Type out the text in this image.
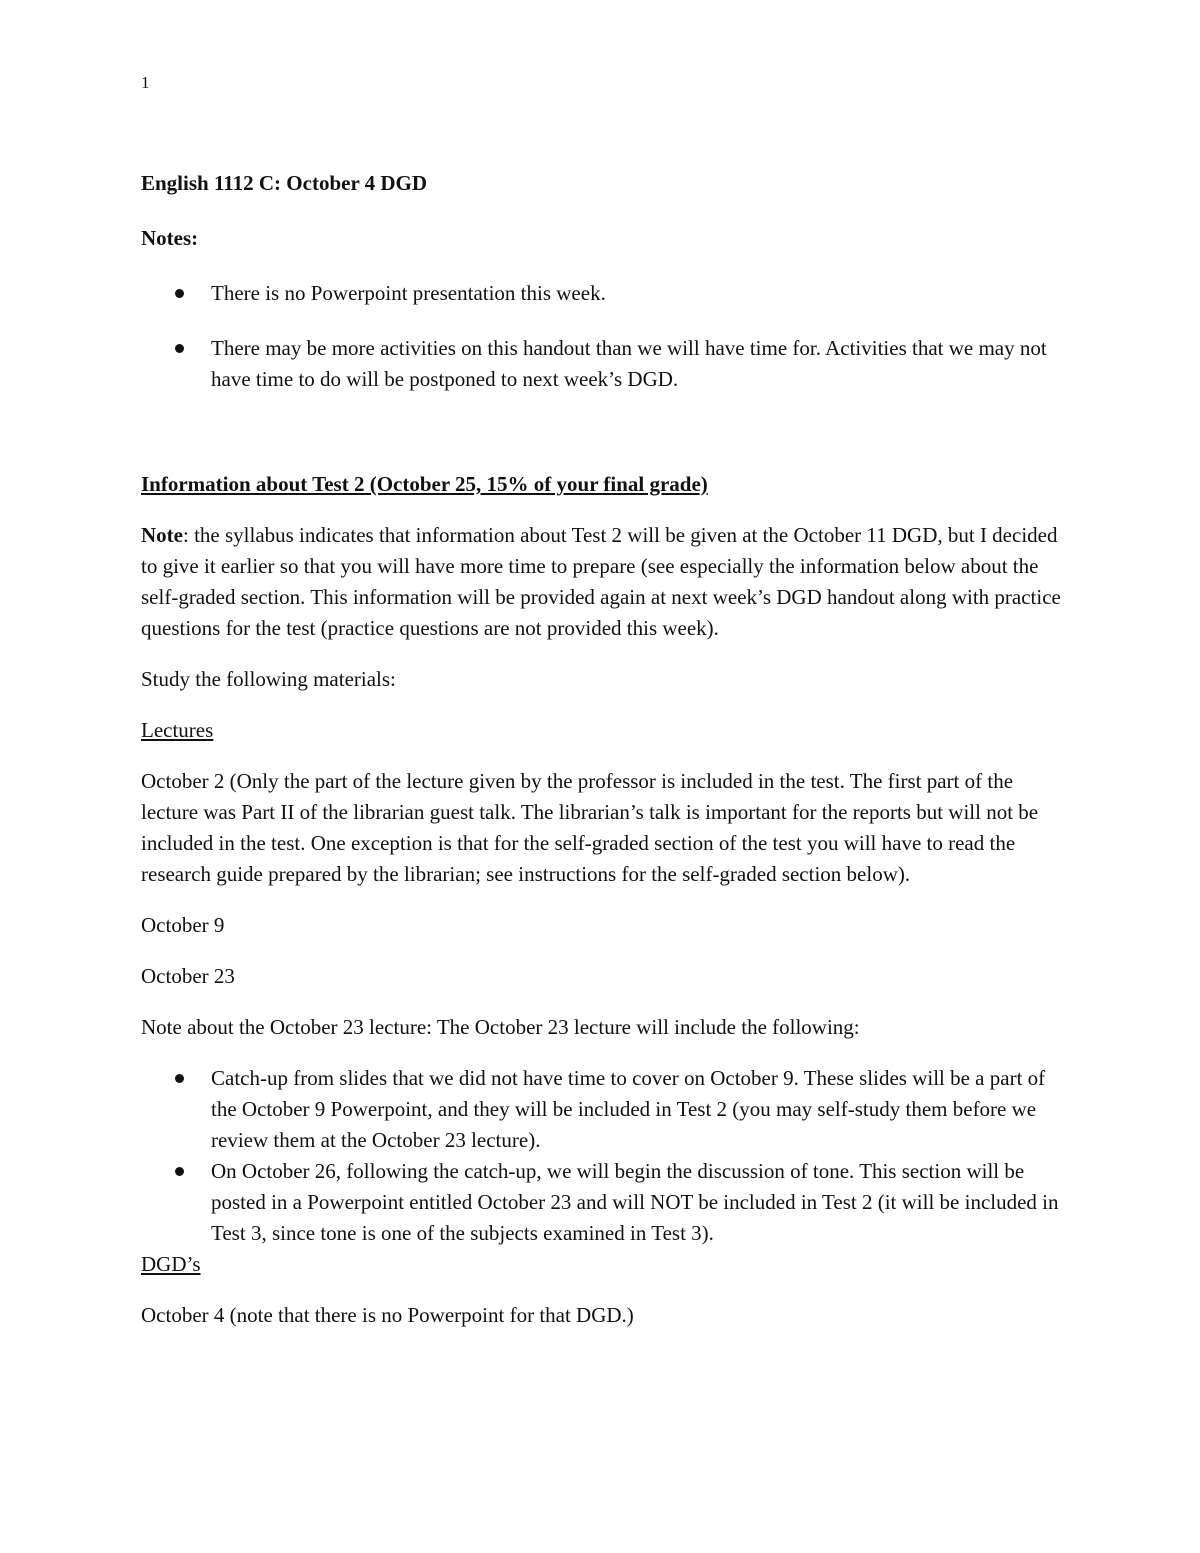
1
English 1112 C: October 4 DGD
Notes:
There is no Powerpoint presentation this week.
There may be more activities on this handout than we will have time for. Activities that we may not have time to do will be postponed to next week’s DGD.
Information about Test 2 (October 25, 15% of your final grade)

Note: the syllabus indicates that information about Test 2 will be given at the October 11 DGD, but I decided to give it earlier so that you will have more time to prepare (see especially the information below about the self-graded section. This information will be provided again at next week’s DGD handout along with practice questions for the test (practice questions are not provided this week).

Study the following materials:

Lectures

October 2 (Only the part of the lecture given by the professor is included in the test. The first part of the lecture was Part II of the librarian guest talk. The librarian’s talk is important for the reports but will not be included in the test. One exception is that for the self-graded section of the test you will have to read the research guide prepared by the librarian; see instructions for the self-graded section below).

October 9

October 23

Note about the October 23 lecture: The October 23 lecture will include the following:

Catch-up from slides that we did not have time to cover on October 9. These slides will be a part of the October 9 Powerpoint, and they will be included in Test 2 (you may self-study them before we review them at the October 23 lecture).
On October 26, following the catch-up, we will begin the discussion of tone. This section will be posted in a Powerpoint entitled October 23 and will NOT be included in Test 2 (it will be included in Test 3, since tone is one of the subjects examined in Test 3).

DGD’s

October 4 (note that there is no Powerpoint for that DGD.)
